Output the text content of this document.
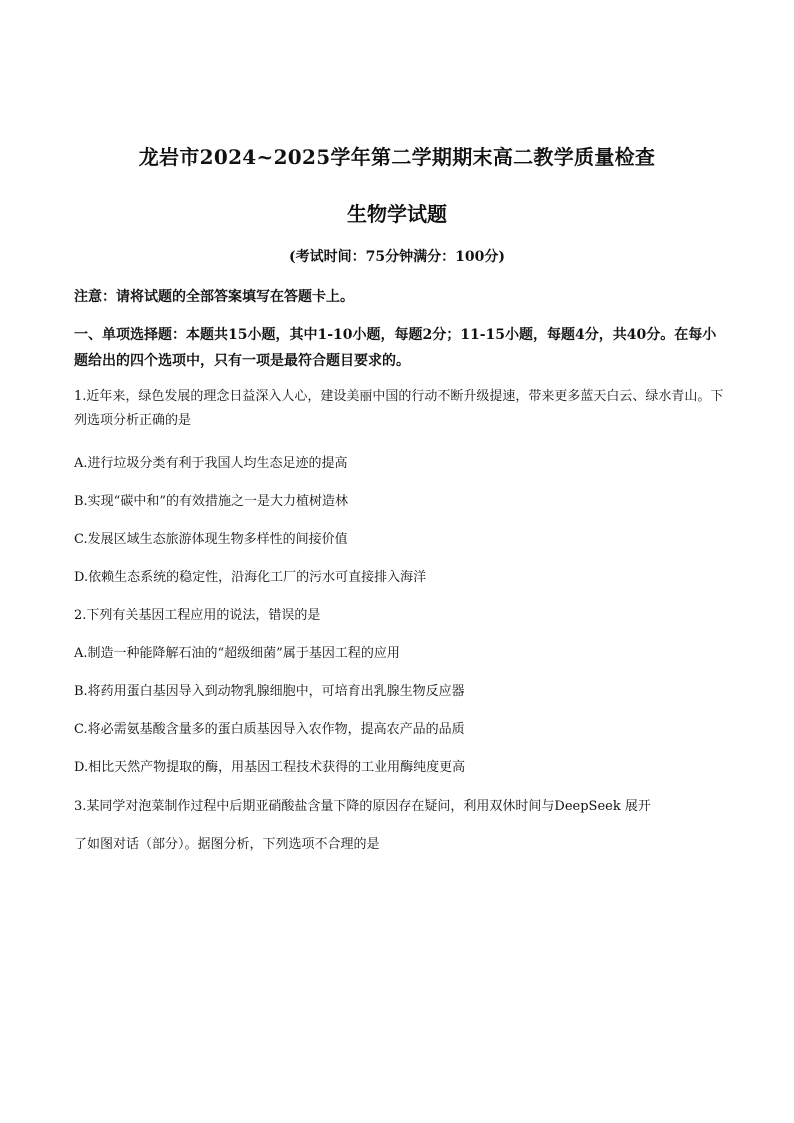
龙岩市2024~2025学年第二学期期末高二教学质量检查
生物学试题
(考试时间：75分钟满分：100分)
注意：请将试题的全部答案填写在答题卡上。
一、单项选择题：本题共15小题，其中1-10小题，每题2分；11-15小题，每题4分，共40分。在每小题给出的四个选项中，只有一项是最符合题目要求的。
1.近年来，绿色发展的理念日益深入人心，建设美丽中国的行动不断升级提速，带来更多蓝天白云、绿水青山。下列选项分析正确的是
A.进行垃圾分类有利于我国人均生态足迹的提高
B.实现“碳中和”的有效措施之一是大力植树造林
C.发展区域生态旅游体现生物多样性的间接价值
D.依赖生态系统的稳定性，沿海化工厂的污水可直接排入海洋
2.下列有关基因工程应用的说法，错误的是
A.制造一种能降解石油的“超级细菌”属于基因工程的应用
B.将药用蛋白基因导入到动物乳腺细胞中，可培育出乳腺生物反应器
C.将必需氨基酸含量多的蛋白质基因导入农作物，提高农产品的品质
D.相比天然产物提取的酶，用基因工程技术获得的工业用酶纯度更高
3.某同学对泡菜制作过程中后期亚硝酸盐含量下降的原因存在疑问，利用双休时间与DeepSeek 展开
了如图对话（部分）。据图分析，下列选项不合理的是
